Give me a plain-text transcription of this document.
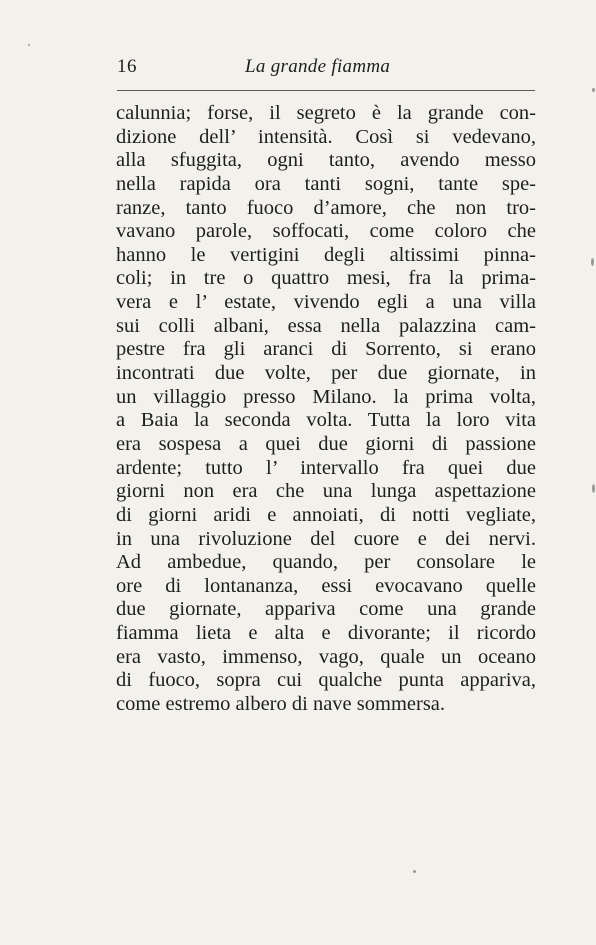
16	La grande fiamma
calunnia; forse, il segreto è la grande con-
dizione dell’ intensità. Così si vedevano,
alla sfuggita, ogni tanto, avendo messo
nella rapida ora tanti sogni, tante spe-
ranze, tanto fuoco d’amore, che non tro-
vavano parole, soffocati, come coloro che
hanno le vertigini degli altissimi pinna-
coli; in tre o quattro mesi, fra la prima-
vera e l’ estate, vivendo egli a una villa
sui colli albani, essa nella palazzina cam-
pestre fra gli aranci di Sorrento, si erano
incontrati due volte, per due giornate, in
un villaggio presso Milano. la prima volta,
a Baia la seconda volta. Tutta la loro vita
era sospesa a quei due giorni di passione
ardente; tutto l’ intervallo fra quei due
giorni non era che una lunga aspettazione
di giorni aridi e annoiati, di notti vegliate,
in una rivoluzione del cuore e dei nervi.
Ad ambedue, quando, per consolare le
ore di lontananza, essi evocavano quelle
due giornate, appariva come una grande
fiamma lieta e alta e divorante; il ricordo
era vasto, immenso, vago, quale un oceano
di fuoco, sopra cui qualche punta appariva,
come estremo albero di nave sommersa.
